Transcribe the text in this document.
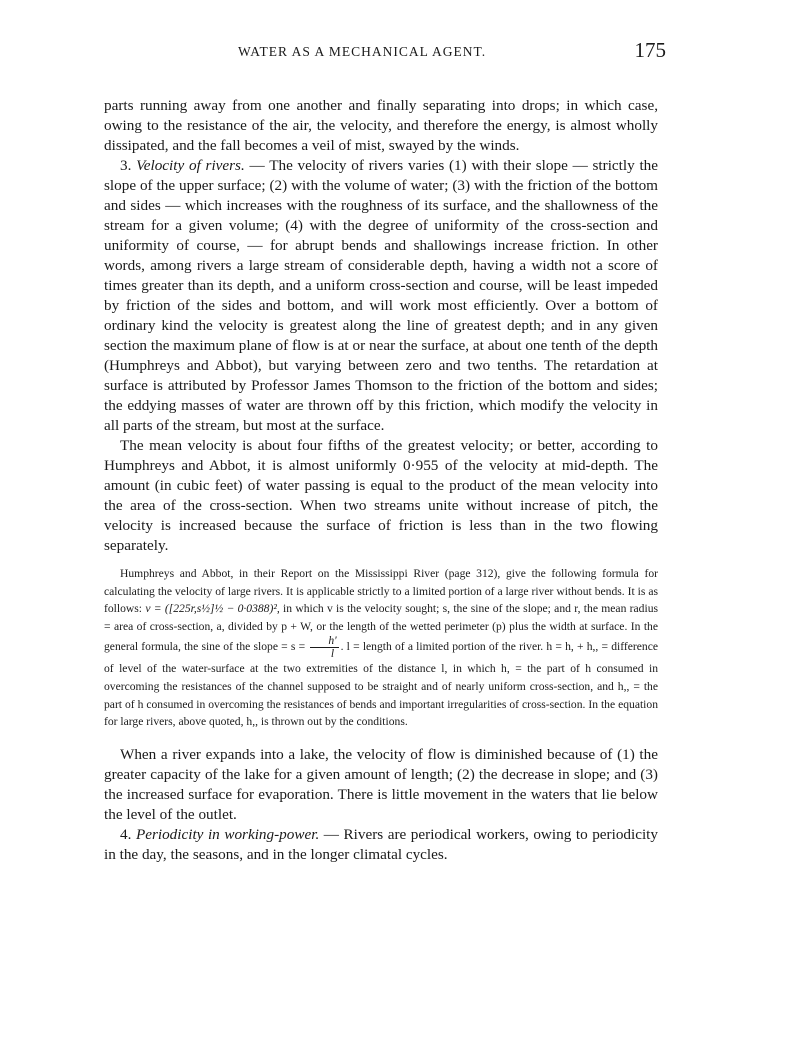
WATER AS A MECHANICAL AGENT.	175

parts running away from one another and finally separating into drops; in which case, owing to the resistance of the air, the velocity, and therefore the energy, is almost wholly dissipated, and the fall becomes a veil of mist, swayed by the winds.

3. Velocity of rivers. — The velocity of rivers varies (1) with their slope — strictly the slope of the upper surface; (2) with the volume of water; (3) with the friction of the bottom and sides — which increases with the roughness of its surface, and the shallowness of the stream for a given volume; (4) with the degree of uniformity of the cross-section and uniformity of course, — for abrupt bends and shallowings increase friction. In other words, among rivers a large stream of considerable depth, having a width not a score of times greater than its depth, and a uniform cross-section and course, will be least impeded by friction of the sides and bottom, and will work most efficiently. Over a bottom of ordinary kind the velocity is greatest along the line of greatest depth; and in any given section the maximum plane of flow is at or near the surface, at about one tenth of the depth (Humphreys and Abbot), but varying between zero and two tenths. The retardation at surface is attributed by Professor James Thomson to the friction of the bottom and sides; the eddying masses of water are thrown off by this friction, which modify the velocity in all parts of the stream, but most at the surface.

The mean velocity is about four fifths of the greatest velocity; or better, according to Humphreys and Abbot, it is almost uniformly 0·955 of the velocity at mid-depth. The amount (in cubic feet) of water passing is equal to the product of the mean velocity into the area of the cross-section. When two streams unite without increase of pitch, the velocity is increased because the surface of friction is less than in the two flowing separately.

Humphreys and Abbot, in their Report on the Mississippi River (page 312), give the following formula for calculating the velocity of large rivers. It is applicable strictly to a limited portion of a large river without bends. It is as follows: v = ([225r,s½]½ − 0·0388)², in which v is the velocity sought; s, the sine of the slope; and r, the mean radius = area of cross-section, a, divided by p + W, or the length of the wetted perimeter (p) plus the width at surface. In the general formula, the sine of the slope = $s = \frac{h'}{l}$ . l = length of a limited portion of the river. h = h, + h,, = difference of level of the water-surface at the two extremities of the distance l, in which h, = the part of h consumed in overcoming the resistances of the channel supposed to be straight and of nearly uniform cross-section, and h,, = the part of h consumed in overcoming the resistances of bends and important irregularities of cross-section. In the equation for large rivers, above quoted, h,, is thrown out by the conditions.

When a river expands into a lake, the velocity of flow is diminished because of (1) the greater capacity of the lake for a given amount of length; (2) the decrease in slope; and (3) the increased surface for evaporation. There is little movement in the waters that lie below the level of the outlet.

4. Periodicity in working-power. — Rivers are periodical workers, owing to periodicity in the day, the seasons, and in the longer climatal cycles.
